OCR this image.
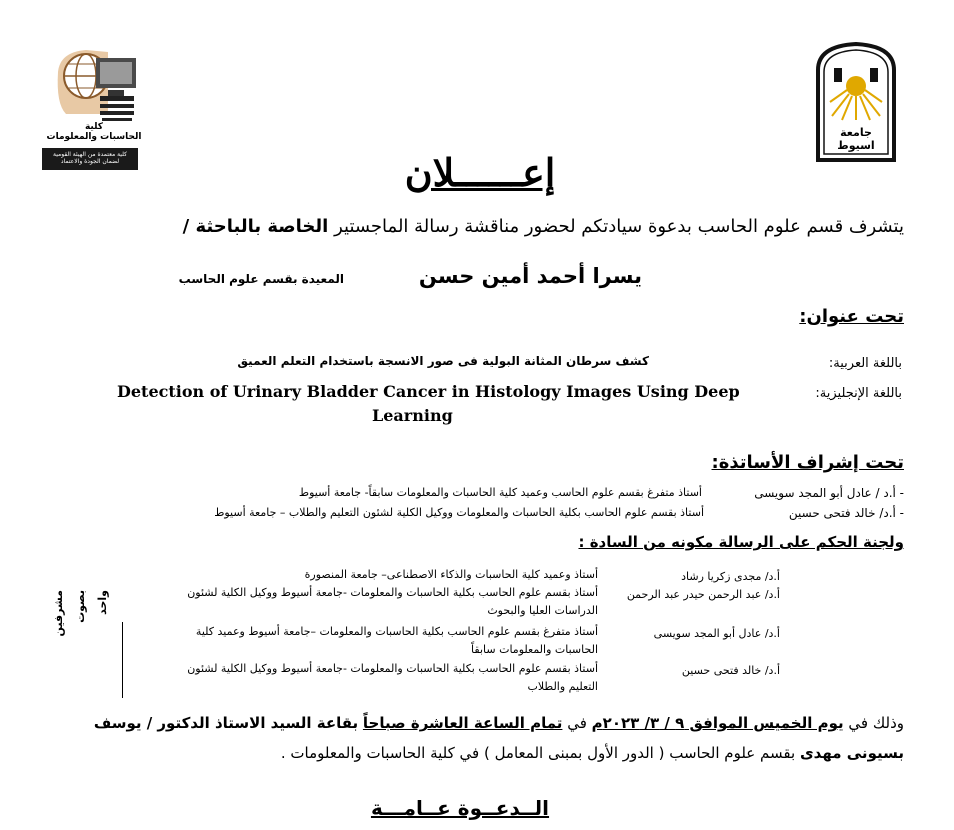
كلية
الحاسبات والمعلومات
كلية معتمدة من الهيئة القومية
لضمان الجودة والاعتماد
جامعة اسيوط
إعــــــلان
يتشرف قسم علوم الحاسب بدعوة سيادتكم لحضور مناقشة رسالة الماجستير الخاصة بالباحثة /
يسرا أحمد أمين حسن
المعيدة بقسم علوم الحاسب
تحت عنوان:
باللغة العربية:
كشف سرطان المثانة البولية فى صور الانسجة باستخدام التعلم العميق
باللغة الإنجليزية:
Detection of Urinary Bladder Cancer in Histology Images Using Deep
Learning
تحت إشراف الأساتذة:
- أ.د / عادل أبو المجد سويسى
أستاذ متفرغ بقسم علوم الحاسب وعميد كلية الحاسبات والمعلومات سابقاً- جامعة أسيوط
- أ.د/ خالد فتحى حسين
أستاذ بقسم علوم الحاسب بكلية الحاسبات والمعلومات ووكيل الكلية لشئون التعليم والطلاب – جامعة أسيوط
ولجنة الحكم على الرسالة مكونه من السادة :
أ.د/ مجدى زكريا رشاد
أستاذ وعميد كلية الحاسبات والذكاء الاصطناعى– جامعة المنصورة
أ.د/ عبد الرحمن حيدر عبد الرحمن
أستاذ بقسم علوم الحاسب بكلية الحاسبات والمعلومات -جامعة أسيوط ووكيل الكلية لشئون
الدراسات العليا والبحوث
مشرفين بصوت واحد
أ.د/ عادل أبو المجد سويسى
أستاذ متفرغ بقسم علوم الحاسب بكلية الحاسبات والمعلومات –جامعة أسيوط وعميد كلية
الحاسبات والمعلومات سابقاً
أ.د/ خالد فتحى حسين
أستاذ بقسم علوم الحاسب بكلية الحاسبات والمعلومات -جامعة أسيوط ووكيل الكلية لشئون
التعليم والطلاب
وذلك في يوم الخميس الموافق ٩ / ٣/ ٢٠٢٣م في تمام الساعة العاشرة صباحاً بقاعة السيد الاستاذ الدكتور / يوسف
بسيونى مهدى بقسم علوم الحاسب ( الدور الأول بمبنى المعامل ) في كلية الحاسبات والمعلومات .
الــدعــوة عــامـــة
